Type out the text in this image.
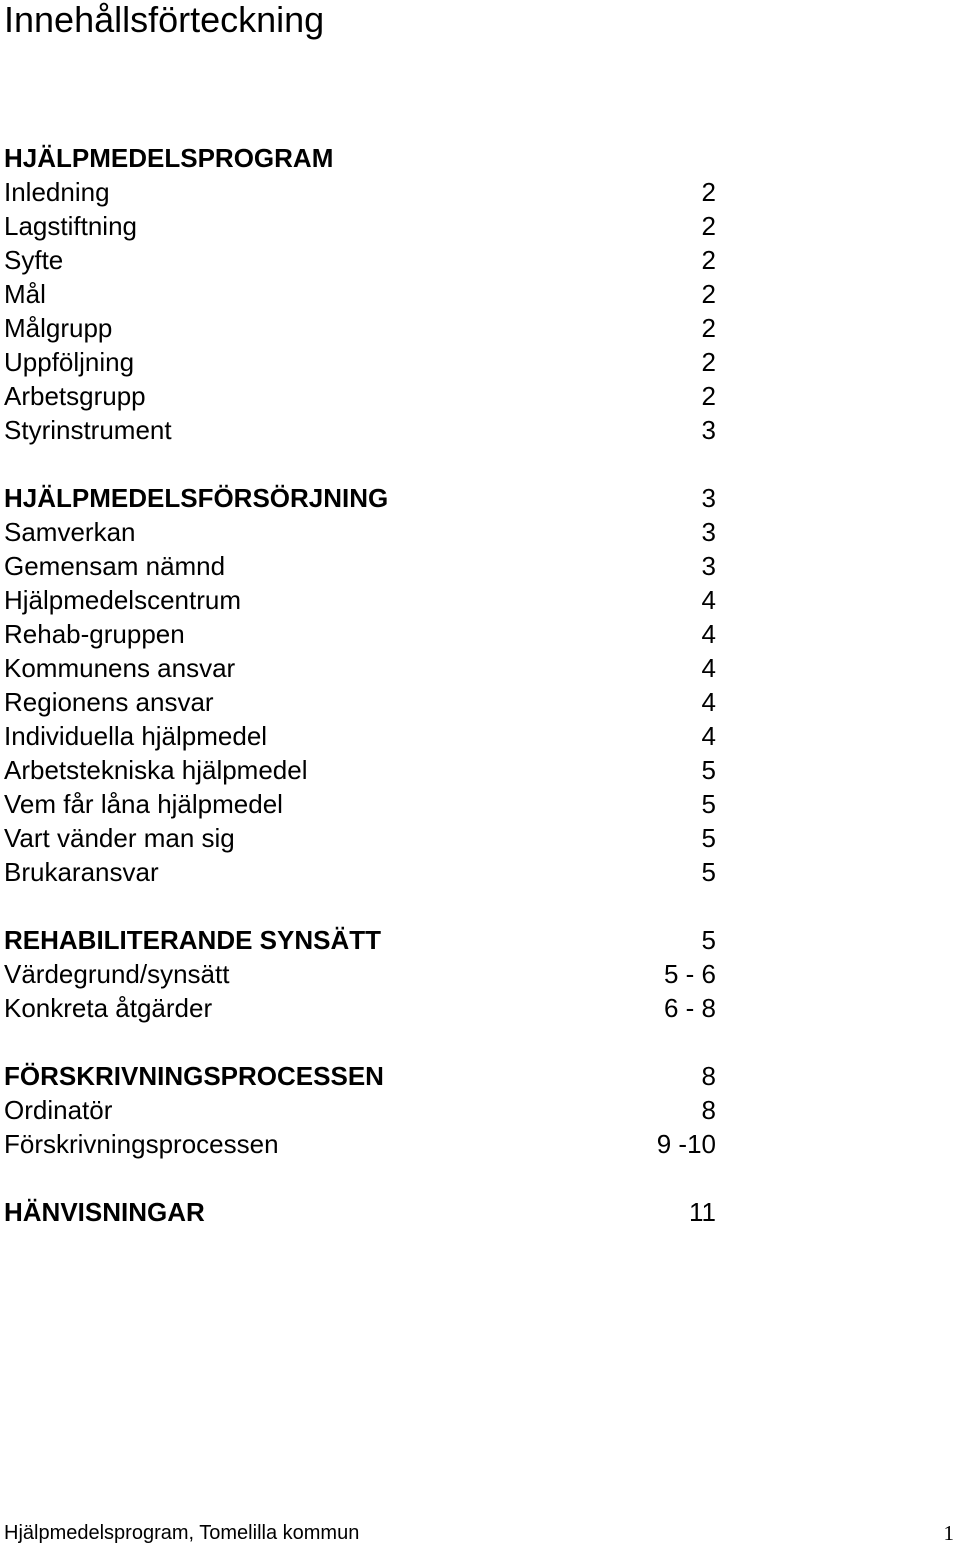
Innehållsförteckning
HJÄLPMEDELSPROGRAM
Inledning	2
Lagstiftning	2
Syfte	2
Mål	2
Målgrupp	2
Uppföljning	2
Arbetsgrupp	2
Styrinstrument	3
HJÄLPMEDELSFÖRSÖRJNING	3
Samverkan	3
Gemensam nämnd	3
Hjälpmedelscentrum	4
Rehab-gruppen	4
Kommunens ansvar	4
Regionens ansvar	4
Individuella hjälpmedel	4
Arbetstekniska hjälpmedel	5
Vem får låna hjälpmedel	5
Vart vänder man sig	5
Brukaransvar	5
REHABILITERANDE SYNSÄTT	5
Värdegrund/synsätt	5 - 6
Konkreta åtgärder	6 - 8
FÖRSKRIVNINGSPROCESSEN	8
Ordinatör	8
Förskrivningsprocessen	9 -10
HÄNVISNINGAR	11
Hjälpmedelsprogram, Tomelilla kommun	1
